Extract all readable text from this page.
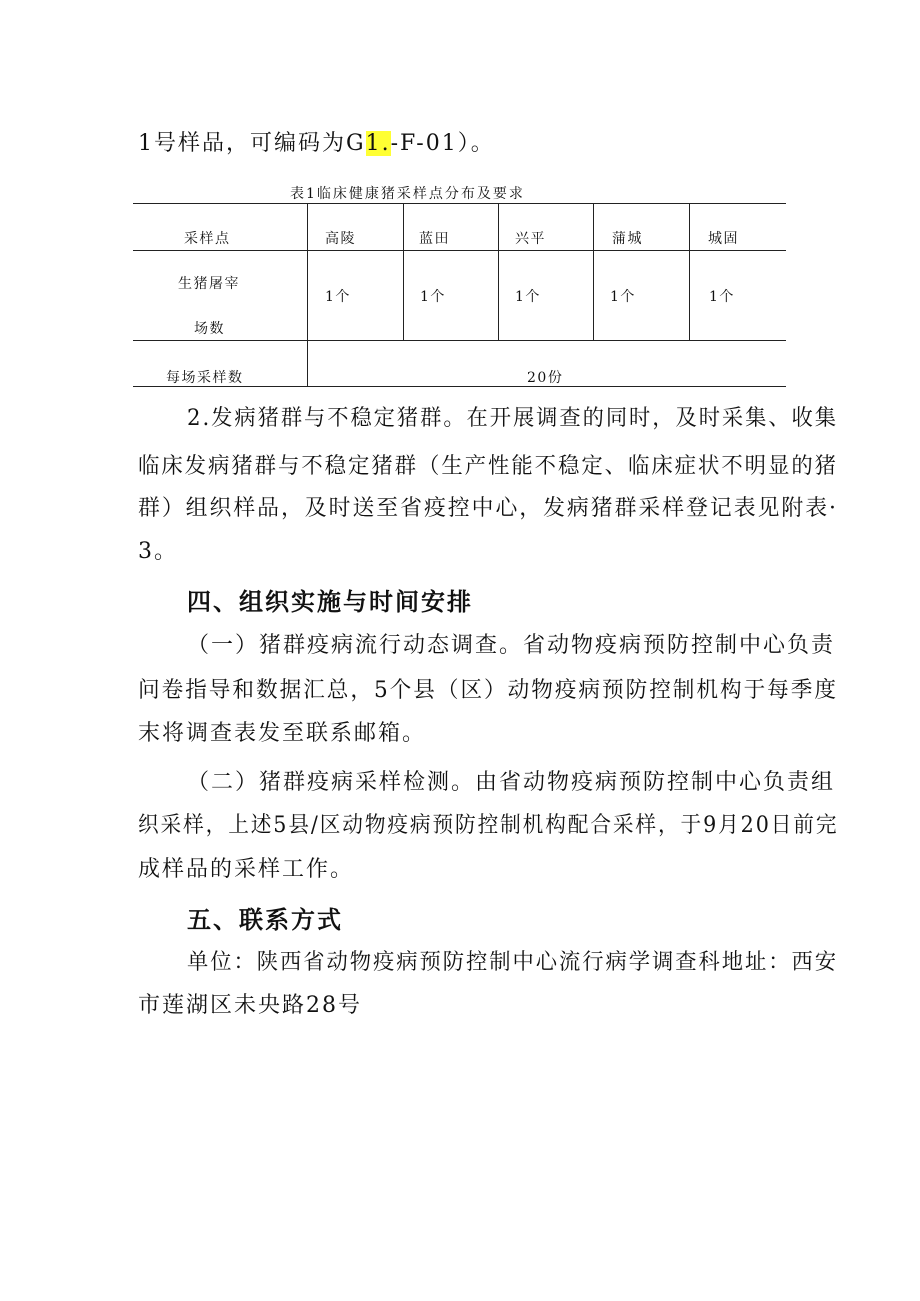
1号样品，可编码为G1.-F-01）。
表1临床健康猪采样点分布及要求
采样点	高陵	蓝田	兴平	蒲城	城固
生猪屠宰
场数
1个	1个	1个	1个	1个
每场采样数	20份
2.发病猪群与不稳定猪群。在开展调查的同时，及时采集、收集
临床发病猪群与不稳定猪群（生产性能不稳定、临床症状不明显的猪
群）组织样品，及时送至省疫控中心，发病猪群采样登记表见附表·
3。
四、组织实施与时间安排
（一）猪群疫病流行动态调查。省动物疫病预防控制中心负责
问卷指导和数据汇总，5个县（区）动物疫病预防控制机构于每季度
末将调查表发至联系邮箱。
（二）猪群疫病采样检测。由省动物疫病预防控制中心负责组
织采样，上述5县/区动物疫病预防控制机构配合采样，于9月20日前完
成样品的采样工作。
五、联系方式
单位：陕西省动物疫病预防控制中心流行病学调查科地址：西安
市莲湖区未央路28号
